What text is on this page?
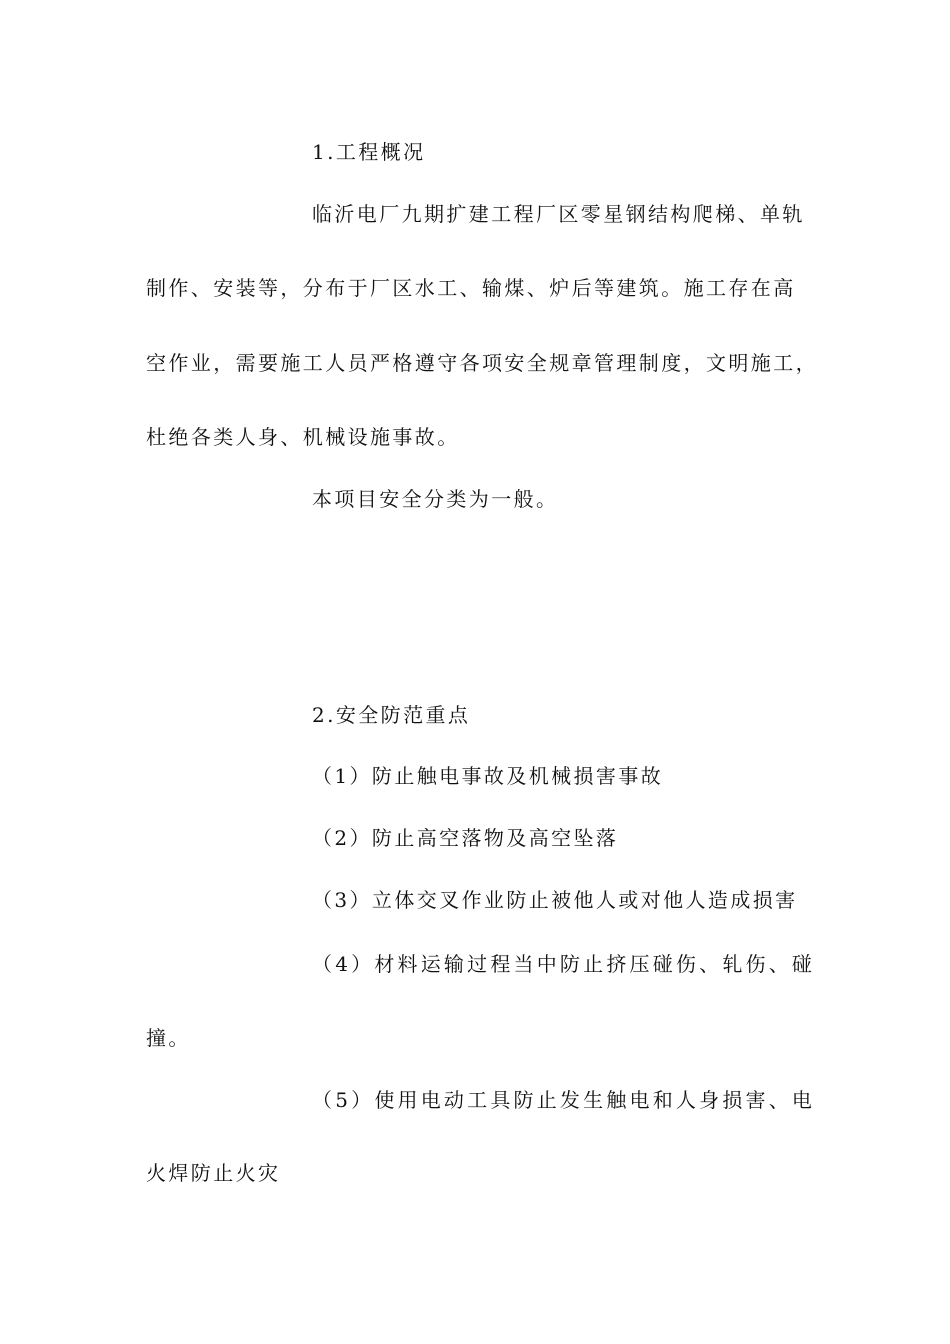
1.工程概况
临沂电厂九期扩建工程厂区零星钢结构爬梯、单轨
制作、安装等，分布于厂区水工、输煤、炉后等建筑。施工存在高
空作业，需要施工人员严格遵守各项安全规章管理制度，文明施工，
杜绝各类人身、机械设施事故。
本项目安全分类为一般。
2.安全防范重点
（1）防止触电事故及机械损害事故
（2）防止高空落物及高空坠落
（3）立体交叉作业防止被他人或对他人造成损害
（4）材料运输过程当中防止挤压碰伤、轧伤、碰
撞。
（5）使用电动工具防止发生触电和人身损害、电
火焊防止火灾
